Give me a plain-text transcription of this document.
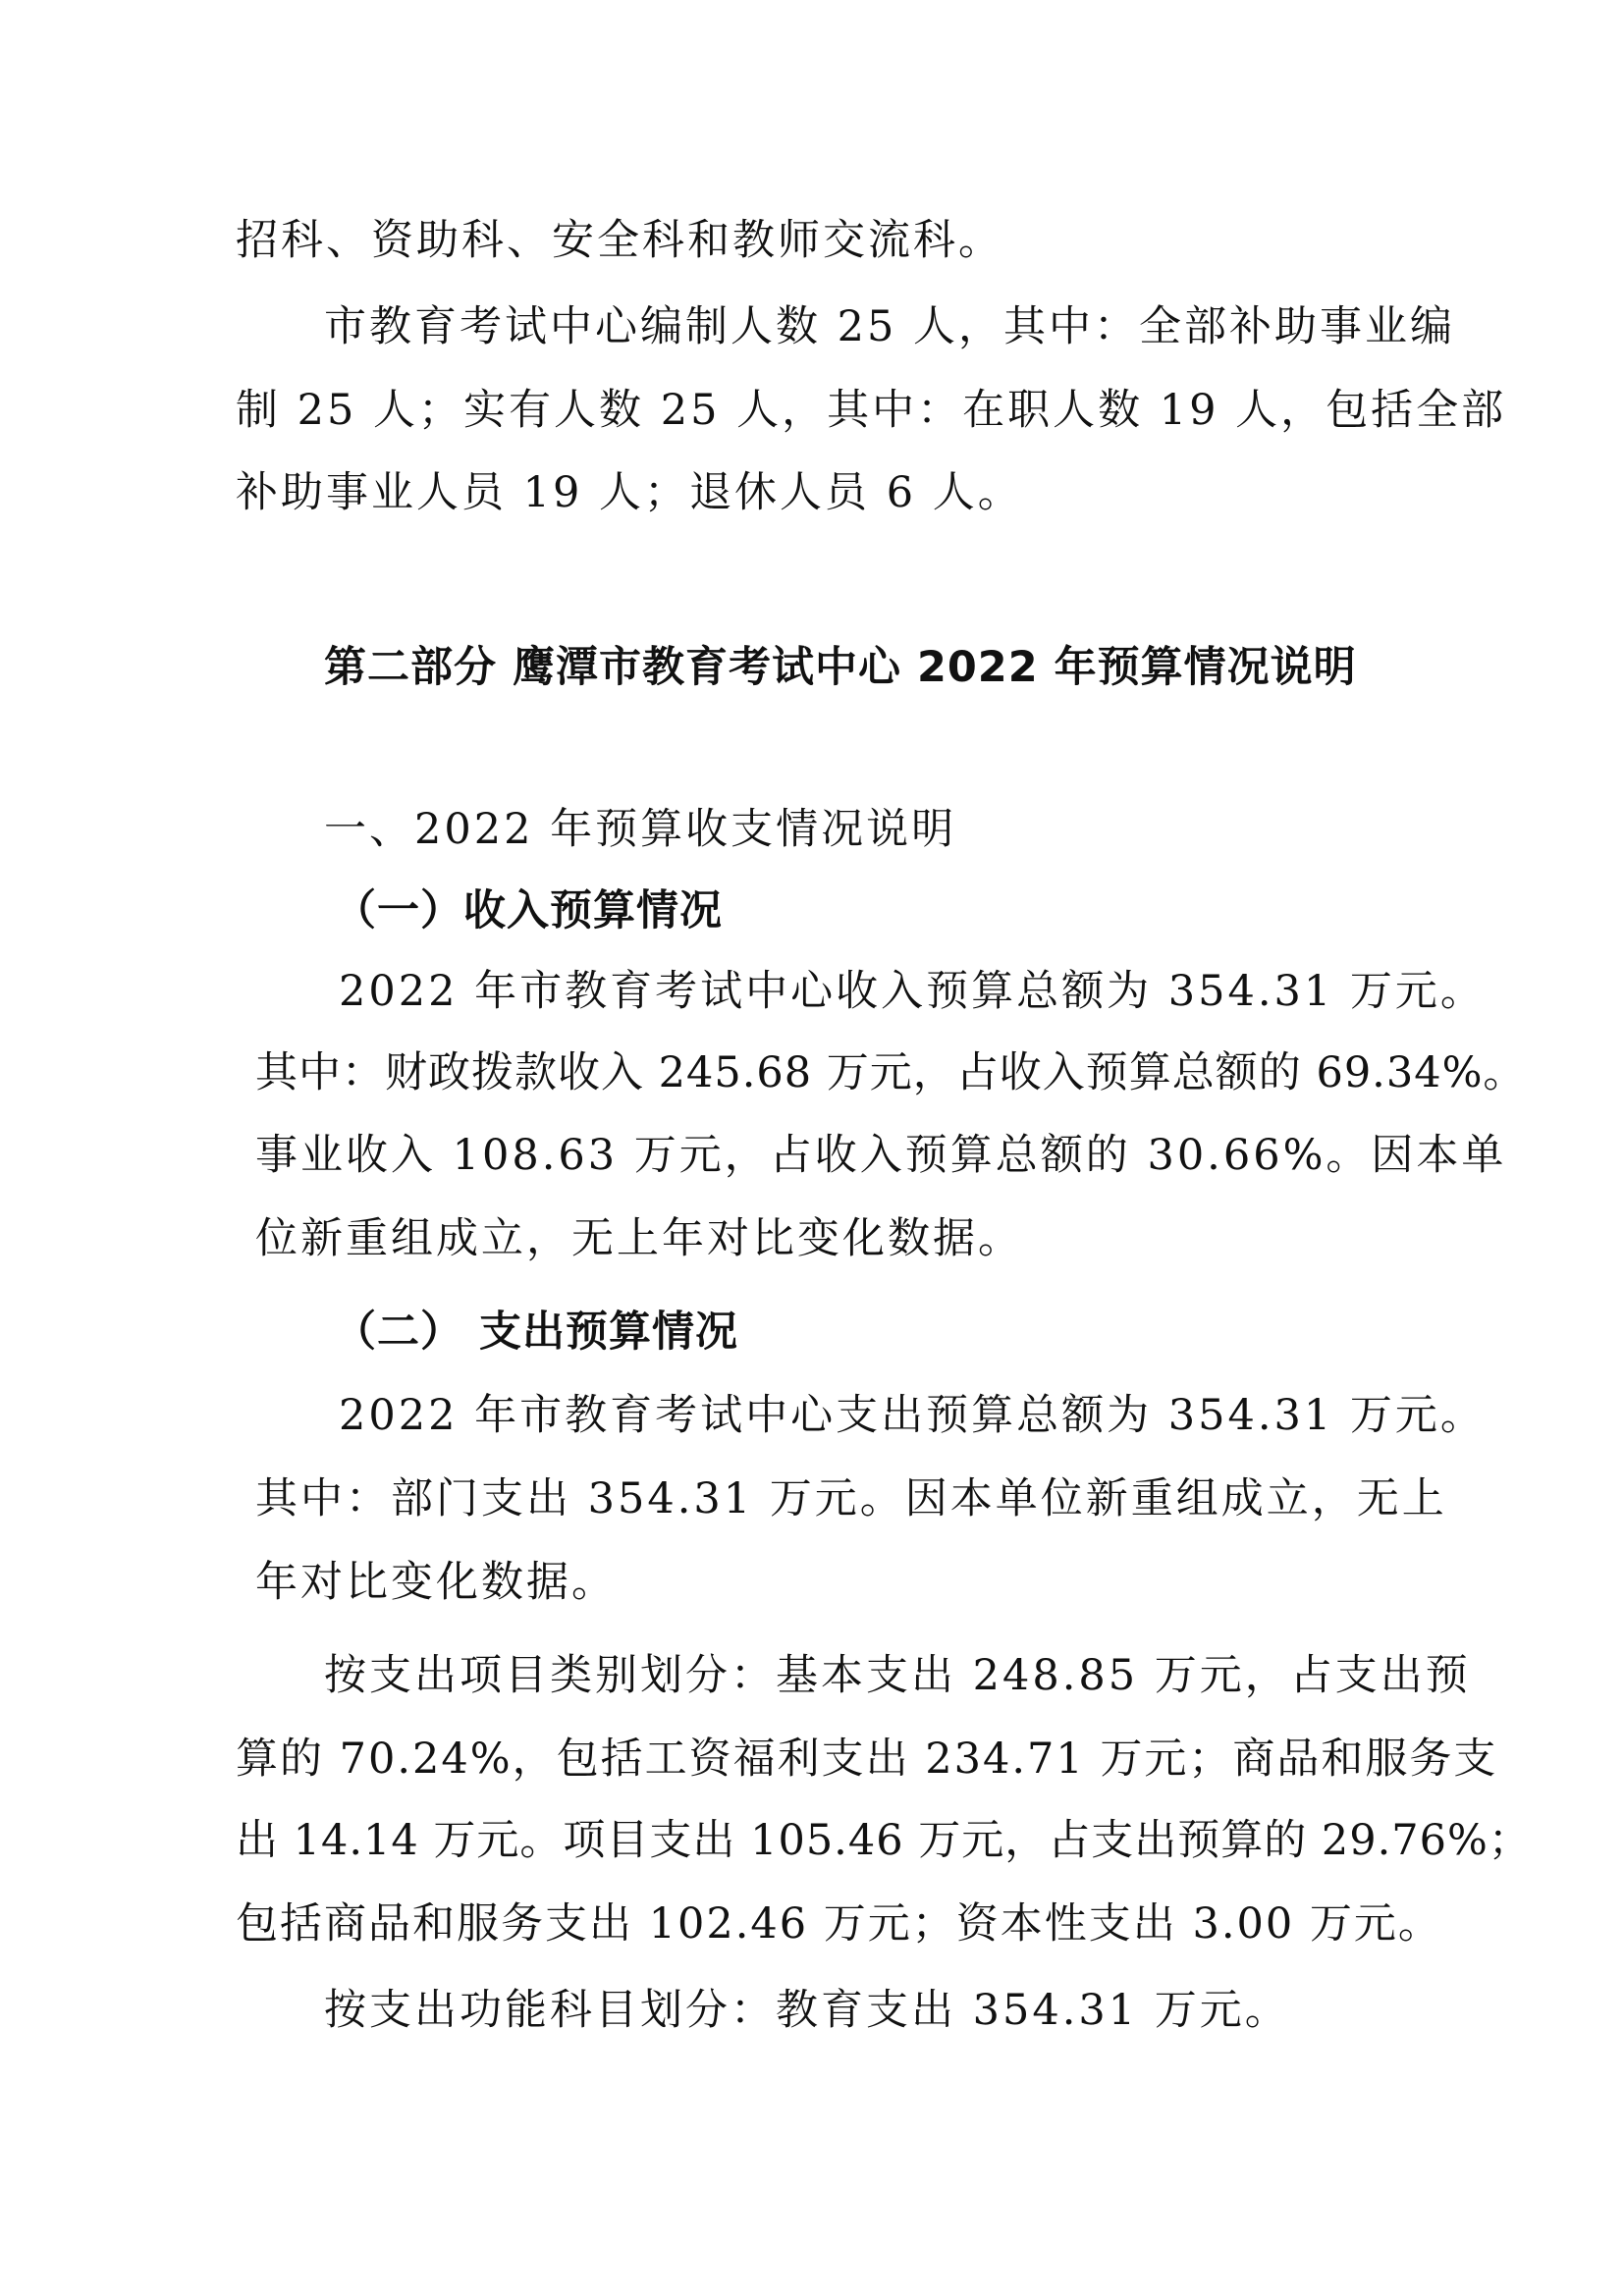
招科、资助科、安全科和教师交流科。
市教育考试中心编制人数 25 人，其中：全部补助事业编
制 25 人；实有人数 25 人，其中：在职人数 19 人，包括全部
补助事业人员 19 人；退休人员 6 人。
第二部分 鹰潭市教育考试中心 2022 年预算情况说明
一、2022 年预算收支情况说明
（一）收入预算情况
2022 年市教育考试中心收入预算总额为 354.31 万元。
其中：财政拨款收入 245.68 万元，占收入预算总额的 69.34%。
事业收入 108.63 万元，占收入预算总额的 30.66%。因本单
位新重组成立，无上年对比变化数据。
（二） 支出预算情况
2022 年市教育考试中心支出预算总额为 354.31 万元。
其中：部门支出 354.31 万元。因本单位新重组成立，无上
年对比变化数据。
按支出项目类别划分：基本支出 248.85 万元，占支出预
算的 70.24%，包括工资福利支出 234.71 万元；商品和服务支
出 14.14 万元。项目支出 105.46 万元，占支出预算的 29.76%；
包括商品和服务支出 102.46 万元；资本性支出 3.00 万元。
按支出功能科目划分：教育支出 354.31 万元。
